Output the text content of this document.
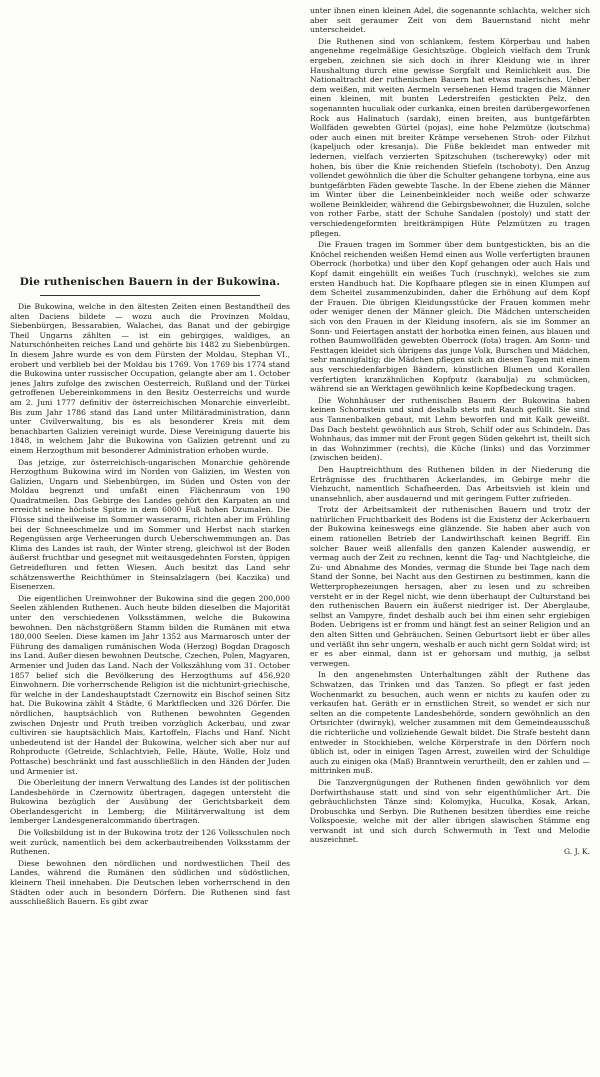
Die ruthenischen Bauern in der Bukowina.

Die Bukowina, welche in den ältesten Zeiten einen Bestandtheil des alten Daciens bildete — wozu auch die Provinzen Moldau, Siebenbürgen, Bessarabien, Walachei, das Banat und der gebirgige Theil Ungarns zählten — ist ein gebirgiges, waldiges, an Naturschönheiten reiches Land und gehörte bis 1482 zu Siebenbürgen. In diesem Jahre wurde es von dem Fürsten der Moldau, Stephan VI., erobert und verblieb bei der Moldau bis 1769. Von 1769 bis 1774 stand die Bukowina unter russischer Occupation, gelangte aber am 1. October jenes Jahrs zufolge des zwischen Oesterreich, Rußland und der Türkei getroffenen Uebereinkommens in den Besitz Oesterreichs und wurde am 2. Juni 1777 definitiv der österreichischen Monarchie einverleibt. Bis zum Jahr 1786 stand das Land unter Militäradministration, dann unter Civilverwaltung, bis es als besonderer Kreis mit dem benachbarten Galizien vereinigt wurde. Diese Vereinigung dauerte bis 1848, in welchem Jahr die Bukowina von Galizien getrennt und zu einem Herzogthum mit besonderer Administration erhoben wurde.

Das jetzige, zur österreichisch-ungarischen Monarchie gehörende Herzogthum Bukowina wird im Norden von Galizien, im Westen von Galizien, Ungarn und Siebenbürgen, im Süden und Osten von der Moldau begrenzt und umfaßt einen Flächenraum von 190 Quadratmeilen. Das Gebirge des Landes gehört den Karpaten an und erreicht seine höchste Spitze in dem 6000 Fuß hohen Dzumalen. Die Flüsse sind theilweise im Sommer wasserarm, richten aber im Frühling bei der Schneeschmelze und im Sommer und Herbst nach starken Regengüssen arge Verheerungen durch Ueberschwemmungen an. Das Klima des Landes ist rauh, der Winter streng, gleichwol ist der Boden äußerst fruchtbar und gesegnet mit weitausgedehnten Forsten, üppigen Getreidefluren und fetten Wiesen. Auch besitzt das Land sehr schätzenswerthe Reichthümer in Steinsalzlagern (bei Kaczika) und Eisenerzen.

Die eigentlichen Ureinwohner der Bukowina sind die gegen 200,000 Seelen zählenden Ruthenen. Auch heute bilden dieselben die Majorität unter den verschiedenen Volksstämmen, welche die Bukowina bewohnen. Den nächstgrößern Stamm bilden die Rumänen mit etwa 180,000 Seelen. Diese kamen im Jahr 1352 aus Marmarosch unter der Führung des damaligen rumänischen Woda (Herzog) Bogdan Dragosch ins Land. Außer diesen bewohnen Deutsche, Czechen, Polen, Magyaren, Armenier und Juden das Land. Nach der Volkszählung vom 31. October 1857 belief sich die Bevölkerung des Herzogthums auf 456,920 Einwohnern. Die vorherrschende Religion ist die nichtunirt-griechische, für welche in der Landeshauptstadt Czernowitz ein Bischof seinen Sitz hat. Die Bukowina zählt 4 Städte, 6 Marktflecken und 326 Dörfer. Die nördlichen, hauptsächlich von Ruthenen bewohnten Gegenden zwischen Dnjestr und Pruth treiben vorzüglich Ackerbau, und zwar cultiviren sie hauptsächlich Mais, Kartoffeln, Flachs und Hanf. Nicht unbedeutend ist der Handel der Bukowina, welcher sich aber nur auf Rohproducte (Getreide, Schlachtvieh, Felle, Häute, Wolle, Holz und Pottasche) beschränkt und fast ausschließlich in den Händen der Juden und Armenier ist.

Die Oberleitung der innern Verwaltung des Landes ist der politischen Landesbehörde in Czernowitz übertragen, dagegen untersteht die Bukowina bezüglich der Ausübung der Gerichtsbarkeit dem Oberlandesgericht in Lemberg; die Militärverwaltung ist dem lemberger Landesgeneralcommando übertragen.

Die Volksbildung ist in der Bukowina trotz der 126 Volksschulen noch weit zurück, namentlich bei dem ackerbautreibenden Volksstamm der Ruthenen.

Diese bewohnen den nördlichen und nordwestlichen Theil des Landes, während die Rumänen den südlichen und südöstlichen, kleinern Theil innehaben. Die Deutschen leben vorherrschend in den Städten oder auch in besondern Dörfern. Die Ruthenen sind fast ausschließlich Bauern. Es gibt zwar

unter ihnen einen kleinen Adel, die sogenannte schlachta, welcher sich aber seit geraumer Zeit von dem Bauernstand nicht mehr unterscheidet.

Die Ruthenen sind von schlankem, festem Körperbau und haben angenehme regelmäßige Gesichtszüge. Obgleich vielfach dem Trunk ergeben, zeichnen sie sich doch in ihrer Kleidung wie in ihrer Haushaltung durch eine gewisse Sorgfalt und Reinlichkeit aus. Die Nationaltracht der ruthenischen Bauern hat etwas malerisches. Ueber dem weißen, mit weiten Aermeln versehenen Hemd tragen die Männer einen kleinen, mit bunten Lederstreifen gestickten Pelz, den sogenannten huculiak oder curkanka, einen breiten darübergeworfenen Rock aus Halinatuch (sardak), einen breiten, aus buntgefärbten Wollfäden gewebten Gürtel (pojas), eine hohe Pelzmütze (kutschma) oder auch einen mit breiter Krämpe versehenen Stroh- oder Filzhut (kapeljuch oder kresanja). Die Füße bekleidet man entweder mit ledernen, vielfach verzierten Spitzschuhen (tscherewyky) oder mit hohen, bis über die Knie reichenden Stiefeln (tschoboty). Den Anzug vollendet gewöhnlich die über die Schulter gehangene torbyna, eine aus buntgefärbten Fäden gewebte Tasche. In der Ebene ziehen die Männer im Winter über die Leinenbeinkleider noch weiße oder schwarze wollene Beinkleider, während die Gebirgsbewohner, die Huzulen, solche von rother Farbe, statt der Schuhe Sandalen (postoly) und statt der verschiedengeformten breitkrämpigen Hüte Pelzmützen zu tragen pflegen.

Die Frauen tragen im Sommer über dem buntgestickten, bis an die Knöchel reichenden weißen Hemd einen aus Wolle verfertigten braunen Oberrock (horbotka) und über den Kopf gehangen oder auch Hals und Kopf damit eingehüllt ein weißes Tuch (ruschnyk), welches sie zum ersten Handbuch hat. Die Kopfhaare pflegen sie in einen Klumpen auf dem Scheitel zusammenzubinden, daher die Erhöhung auf dem Kopf der Frauen. Die übrigen Kleidungsstücke der Frauen kommen mehr oder weniger denen der Männer gleich. Die Mädchen unterscheiden sich von den Frauen in der Kleidung insofern, als sie im Sommer an Sonn- und Feiertagen anstatt der horbotka einen feinen, aus blauen und rothen Baumwollfäden gewebten Oberrock (fota) tragen. Am Sonn- und Festtagen kleidet sich übrigens das junge Volk, Burschen und Mädchen, sehr mannigfaltig; die Mädchen pflegen sich an diesen Tagen mit einem aus verschiedenfarbigen Bändern, künstlichen Blumen und Korallen verfertigten kranzähnlichen Kopfputz (karabulja) zu schmücken, während sie an Werktagen gewöhnlich keine Kopfbedeckung tragen.

Die Wohnhäuser der ruthenischen Bauern der Bukowina haben keinen Schornstein und sind deshalb stets mit Rauch gefüllt. Sie sind aus Tannenbalken gebaut, mit Lehm beworfen und mit Kalk geweißt. Das Dach besteht gewöhnlich aus Stroh, Schilf oder aus Schindeln. Das Wohnhaus, das immer mit der Front gegen Süden gekehrt ist, theilt sich in das Wohnzimmer (rechts), die Küche (links) und das Vorzimmer (zwischen beiden).

Den Hauptreichthum des Ruthenen bilden in der Niederung die Erträgnisse des fruchtbaren Ackerlandes, im Gebirge mehr die Viehzucht, namentlich Schafheerden. Das Arbeitsvieh ist klein und unansehnlich, aber ausdauernd und mit geringem Futter zufrieden.

Trotz der Arbeitsamkeit der ruthenischen Bauern und trotz der natürlichen Fruchtbarkeit des Bodens ist die Existenz der Ackerbauern der Bukowina keineswegs eine glänzende. Sie haben aber auch von einem rationellen Betrieb der Landwirthschaft keinen Begriff. Ein solcher Bauer weiß allenfalls den ganzen Kalender auswendig, er vermag auch der Zeit zu rechnen, kennt die Tag- und Nachtgleiche, die Zu- und Abnahme des Mondes, vermag die Stunde bei Tage nach dem Stand der Sonne, bei Nacht aus den Gestirnen zu bestimmen, kann die Wetterprophezeiungen hersagen, aber zu lesen und zu schreiben versteht er in der Regel nicht, wie denn überhaupt der Culturstand bei den ruthenischen Bauern ein äußerst niedriger ist. Der Aberglaube, selbst an Vampyre, findet deshalb auch bei ihm einen sehr ergiebigen Boden. Uebrigens ist er fromm und hängt fest an seiner Religion und an den alten Sitten und Gebräuchen. Seinen Geburtsort liebt er über alles und verläßt ihn sehr ungern, weshalb er auch nicht gern Soldat wird; ist er es aber einmal, dann ist er gehorsam und muthig, ja selbst verwegen.

In den angenehmsten Unterhaltungen zählt der Ruthene das Schwatzen, das Trinken und das Tanzen. So pflegt er fast jeden Wochenmarkt zu besuchen, auch wenn er nichts zu kaufen oder zu verkaufen hat. Geräth er in ernstlichen Streit, so wendet er sich nur selten an die competente Landesbehörde, sondern gewöhnlich an den Ortsrichter (dwirnyk), welcher zusammen mit dem Gemeindeausschuß die richterliche und vollziehende Gewalt bildet. Die Strafe besteht dann entweder in Stockhieben, welche Körperstrafe in den Dörfern noch üblich ist, oder in einigen Tagen Arrest, zuweilen wird der Schuldige auch zu einigen oka (Maß) Branntwein verurtheilt, den er zahlen und — mittrinken muß.

Die Tanzvergnügungen der Ruthenen finden gewöhnlich vor dem Dorfwirthshause statt und sind von sehr eigenthümlicher Art. Die gebräuchlichsten Tänze sind: Kolomyjka, Huculka, Kosak, Arkan, Drobuschka und Serbyn. Die Ruthenen besitzen überdies eine reiche Volkspoesie, welche mit der aller übrigen slawischen Stämme eng verwandt ist und sich durch Schwermuth in Text und Melodie auszeichnet.

G. J. K.
